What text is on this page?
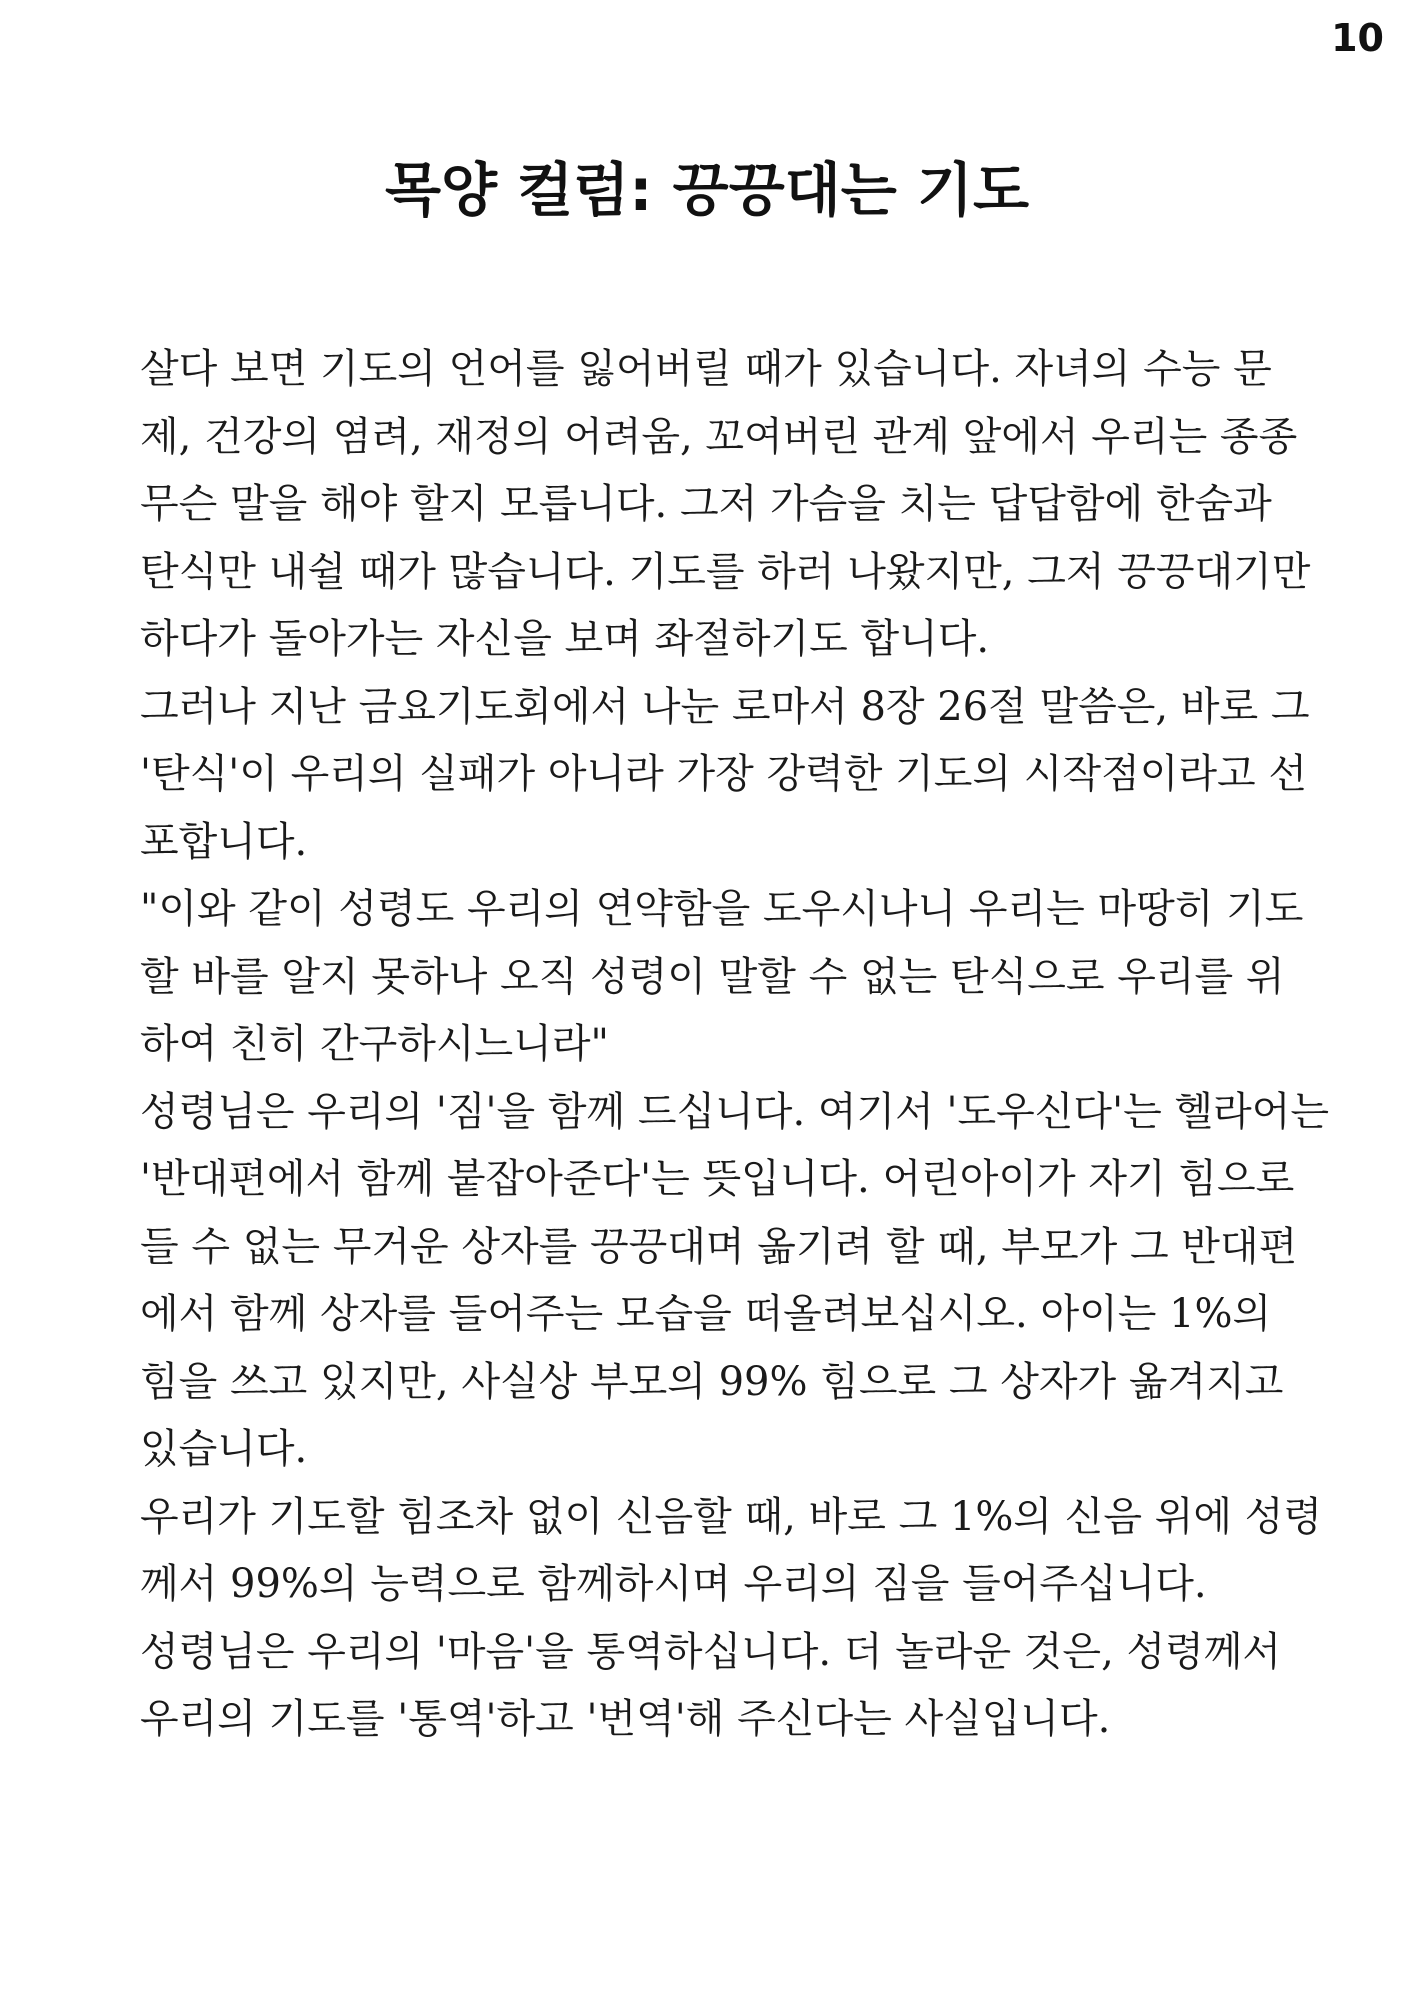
10
목양 컬럼: 끙끙대는 기도
살다 보면 기도의 언어를 잃어버릴 때가 있습니다. 자녀의 수능 문
제, 건강의 염려, 재정의 어려움, 꼬여버린 관계 앞에서 우리는 종종
무슨 말을 해야 할지 모릅니다. 그저 가슴을 치는 답답함에 한숨과
탄식만 내쉴 때가 많습니다. 기도를 하러 나왔지만, 그저 끙끙대기만
하다가 돌아가는 자신을 보며 좌절하기도 합니다.
그러나 지난 금요기도회에서 나눈 로마서 8장 26절 말씀은, 바로 그
'탄식'이 우리의 실패가 아니라 가장 강력한 기도의 시작점이라고 선
포합니다.
"이와 같이 성령도 우리의 연약함을 도우시나니 우리는 마땅히 기도
할 바를 알지 못하나 오직 성령이 말할 수 없는 탄식으로 우리를 위
하여 친히 간구하시느니라"
성령님은 우리의 '짐'을 함께 드십니다. 여기서 '도우신다'는 헬라어는
'반대편에서 함께 붙잡아준다'는 뜻입니다. 어린아이가 자기 힘으로
들 수 없는 무거운 상자를 끙끙대며 옮기려 할 때, 부모가 그 반대편
에서 함께 상자를 들어주는 모습을 떠올려보십시오. 아이는 1%의
힘을 쓰고 있지만, 사실상 부모의 99% 힘으로 그 상자가 옮겨지고
있습니다.
우리가 기도할 힘조차 없이 신음할 때, 바로 그 1%의 신음 위에 성령
께서 99%의 능력으로 함께하시며 우리의 짐을 들어주십니다.
성령님은 우리의 '마음'을 통역하십니다. 더 놀라운 것은, 성령께서
우리의 기도를 '통역'하고 '번역'해 주신다는 사실입니다.
